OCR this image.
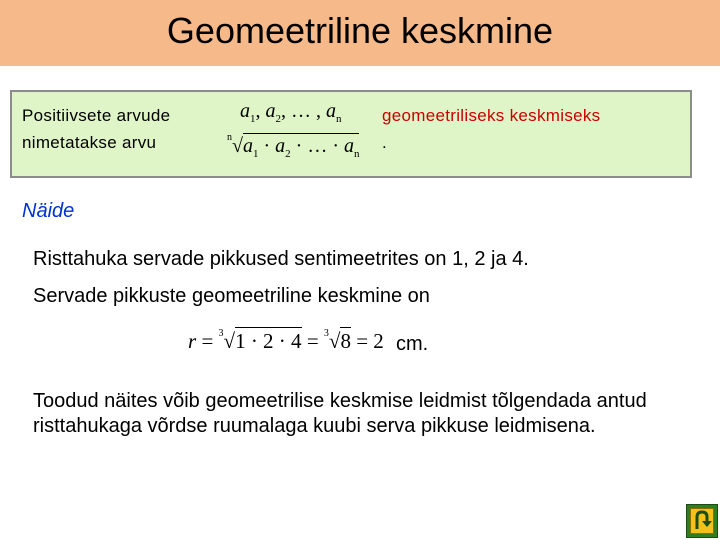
Geomeetriline keskmine
Positiivsete arvude
nimetatakse arvu
$a_1$, $a_2$, … , $a_n$
$^n√a_1 \cdot a_2$ · … · $a_n$
geomeetriliseks keskmiseks
.
Näide
Risttahuka servade pikkused sentimeetrites on 1, 2 ja 4.
Servade pikkuste geomeetriline keskmine on
r = $^3$√1 · 2 · 4 = $^3$√8 = 2 cm.
Toodud näites võib geomeetrilise keskmise leidmist tõlgendada antud risttahukaga võrdse ruumalaga kuubi serva pikkuse leidmisena.
